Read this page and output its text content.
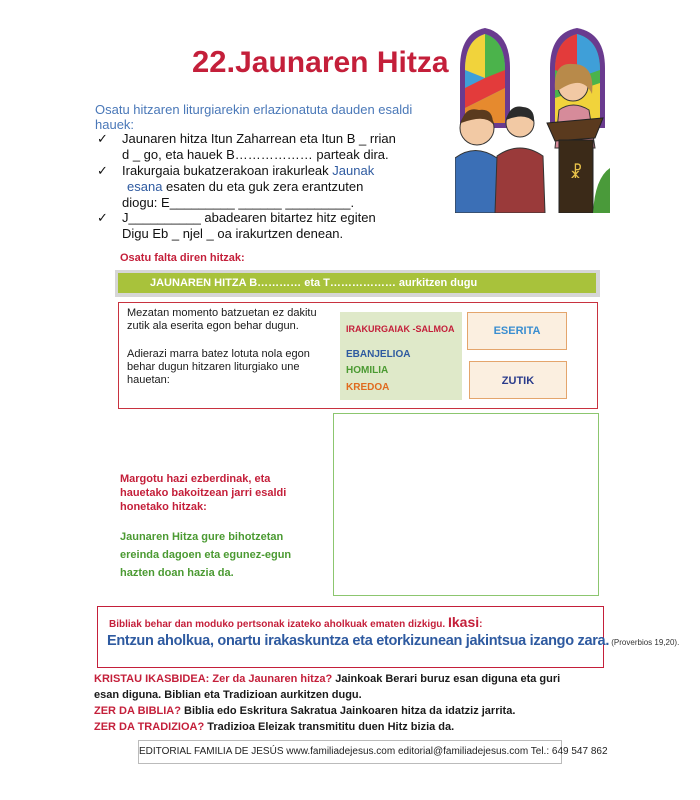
22.Jaunaren Hitza
Osatu hitzaren liturgiarekin erlazionatuta dauden esaldi hauek:
✓ Jaunaren hitza Itun Zaharrean eta Itun B _ rrian
d _ go, eta hauek B……………… parteak dira.
✓ Irakurgaia bukatzerakoan irakurleak Jaunak
esana esaten du eta guk zera erantzuten
diogu: E_________ ______ _________.
✓ J__________ abadearen bitartez hitz egiten
Digu Eb _ njel _ oa irakurtzen denean.
☧
Osatu falta diren hitzak:
JAUNAREN HITZA B………… eta T……………… aurkitzen dugu
Mezatan momento batzuetan ez dakitu zutik ala eserita egon behar dugun.
Adierazi marra batez lotuta nola egon behar dugun hitzaren liturgiako une hauetan:
IRAKURGAIAK -SALMOA
EBANJELIOA
HOMILIA
KREDOA
ESERITA
ZUTIK
Margotu hazi ezberdinak, eta hauetako bakoitzean jarri esaldi honetako hitzak:
Jaunaren Hitza gure bihotzetan ereinda dagoen eta egunez-egun hazten doan hazia da.
Bibliak behar dan moduko pertsonak izateko aholkuak ematen dizkigu. Ikasi:
Entzun aholkua, onartu irakaskuntza eta etorkizunean jakintsua izango zara. (Proverbios 19,20).
KRISTAU IKASBIDEA: Zer da Jaunaren hitza? Jainkoak Berari buruz esan diguna eta guri
esan diguna. Biblian eta Tradizioan aurkitzen dugu.
ZER DA BIBLIA? Biblia edo Eskritura Sakratua Jainkoaren hitza da idatziz jarrita.
ZER DA TRADIZIOA? Tradizioa Eleizak transmititu duen Hitz bizia da.
EDITORIAL FAMILIA DE JESÚS www.familiadejesus.com editorial@familiadejesus.com Tel.: 649 547 862
